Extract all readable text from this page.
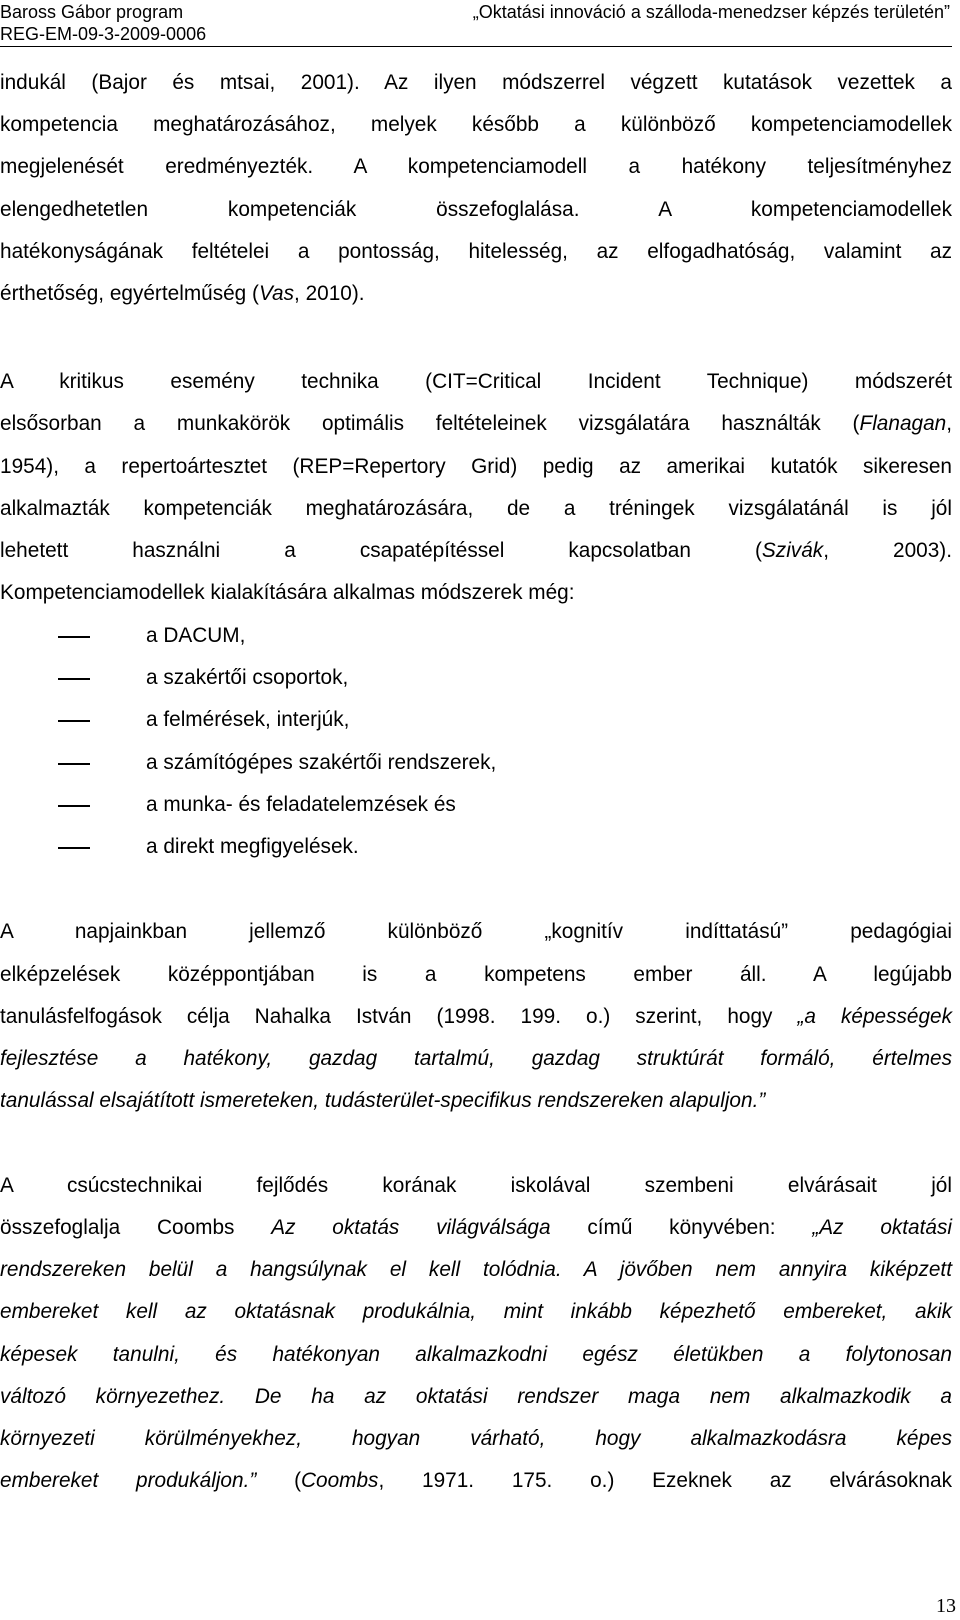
Baross Gábor program
REG-EM-09-3-2009-0006
„Oktatási innováció a szálloda-menedzser képzés területén”
indukál (Bajor és mtsai, 2001). Az ilyen módszerrel végzett kutatások vezettek a
kompetencia meghatározásához, melyek később a különböző kompetenciamodellek
megjelenését eredményezték. A kompetenciamodell a hatékony teljesítményhez
elengedhetetlen kompetenciák összefoglalása. A kompetenciamodellek
hatékonyságának feltételei a pontosság, hitelesség, az elfogadhatóság, valamint az
érthetőség, egyértelműség (Vas, 2010).
A kritikus esemény technika (CIT=Critical Incident Technique) módszerét
elsősorban a munkakörök optimális feltételeinek vizsgálatára használták (Flanagan,
1954), a repertoártesztet (REP=Repertory Grid) pedig az amerikai kutatók sikeresen
alkalmazták kompetenciák meghatározására, de a tréningek vizsgálatánál is jól
lehetett használni a csapatépítéssel kapcsolatban (Szivák, 2003).
Kompetenciamodellek kialakítására alkalmas módszerek még:
a DACUM,
a szakértői csoportok,
a felmérések, interjúk,
a számítógépes szakértői rendszerek,
a munka- és feladatelemzések és
a direkt megfigyelések.
A napjainkban jellemző különböző „kognitív indíttatású” pedagógiai
elképzelések középpontjában is a kompetens ember áll. A legújabb
tanulásfelfogások célja Nahalka István (1998. 199. o.) szerint, hogy „a képességek
fejlesztése a hatékony, gazdag tartalmú, gazdag struktúrát formáló, értelmes
tanulással elsajátított ismereteken, tudásterület-specifikus rendszereken alapuljon.”
A csúcstechnikai fejlődés korának iskolával szembeni elvárásait jól
összefoglalja Coombs Az oktatás világválsága című könyvében: „Az oktatási
rendszereken belül a hangsúlynak el kell tolódnia. A jövőben nem annyira kiképzett
embereket kell az oktatásnak produkálnia, mint inkább képezhető embereket, akik
képesek tanulni, és hatékonyan alkalmazkodni egész életükben a folytonosan
változó környezethez. De ha az oktatási rendszer maga nem alkalmazkodik a
környezeti körülményekhez, hogyan várható, hogy alkalmazkodásra képes
embereket produkáljon.” (Coombs, 1971. 175. o.) Ezeknek az elvárásoknak
13
